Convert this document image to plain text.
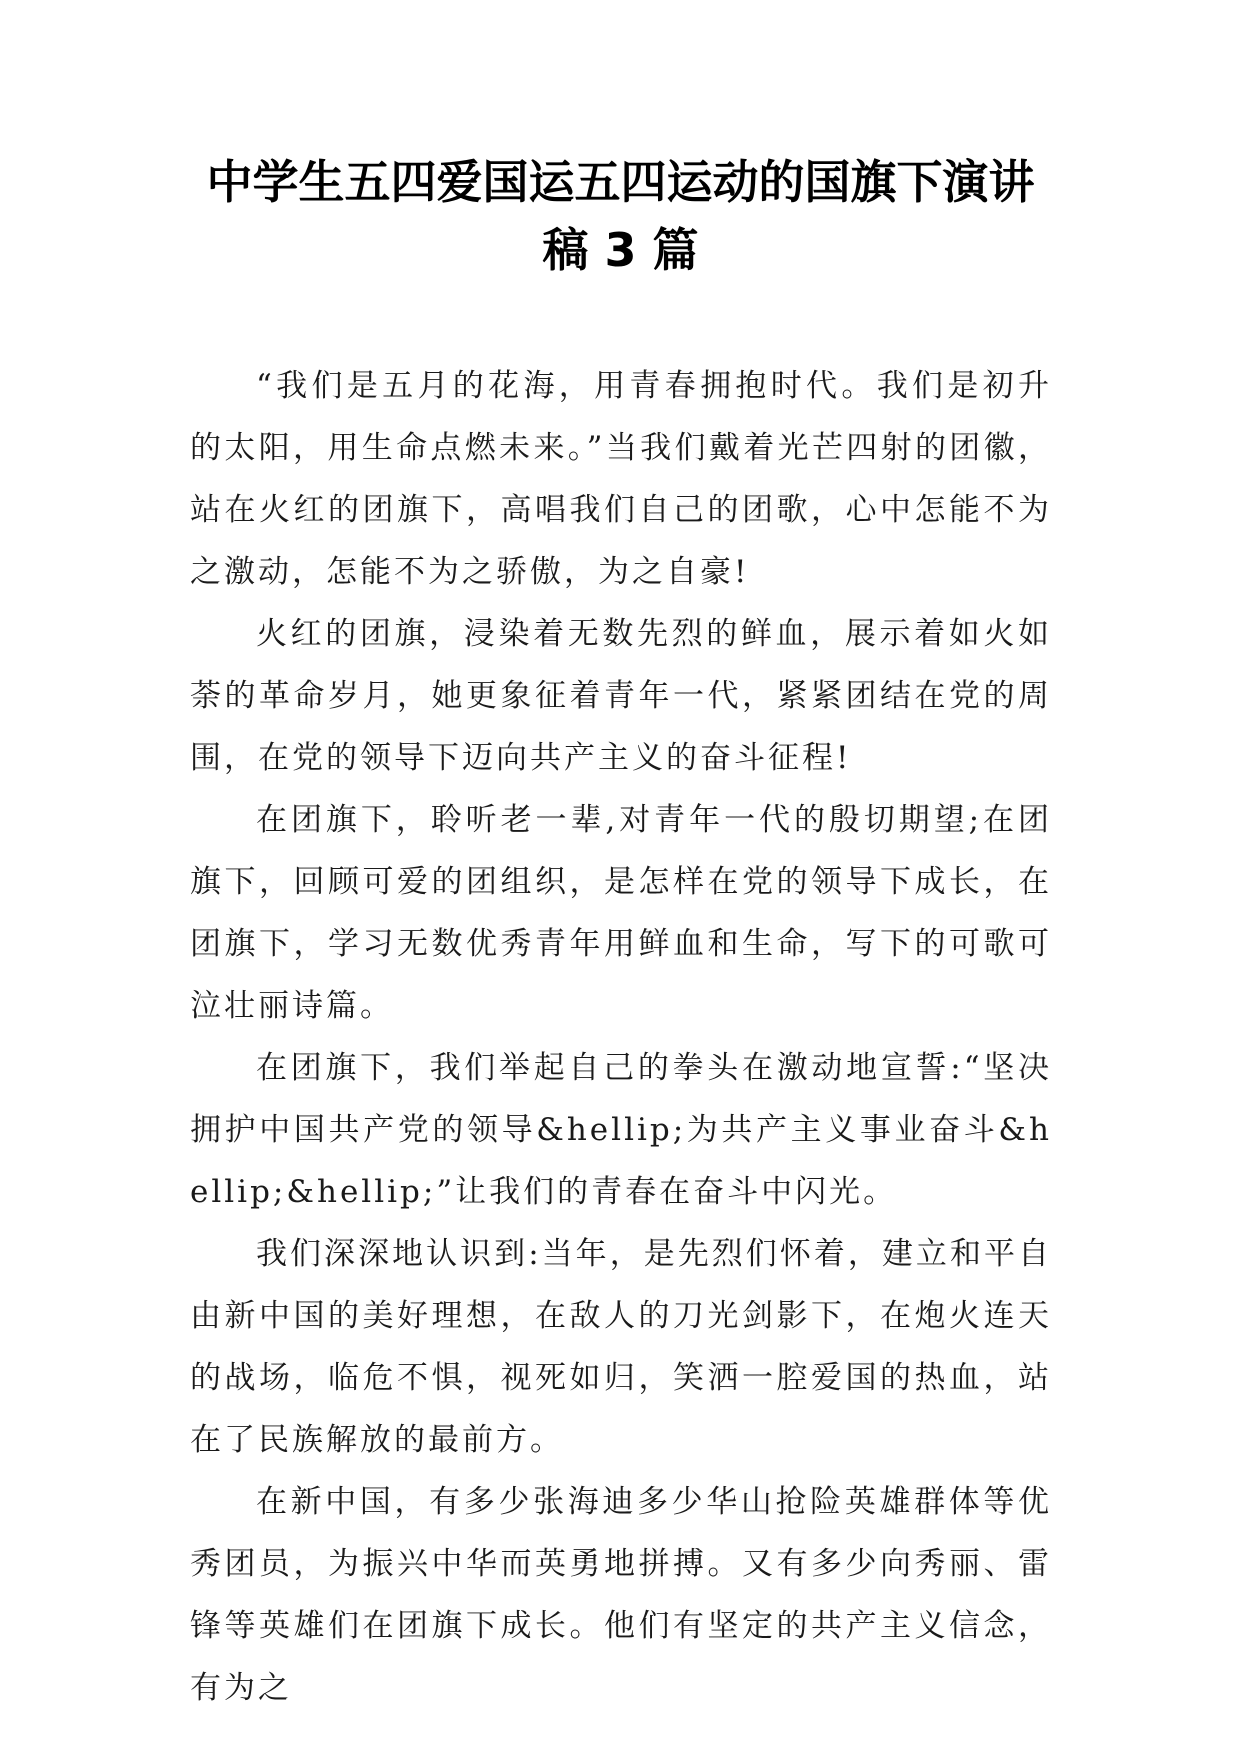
中学生五四爱国运五四运动的国旗下演讲
稿 3 篇

“我们是五月的花海，用青春拥抱时代。我们是初升的太阳，用生命点燃未来。”当我们戴着光芒四射的团徽，站在火红的团旗下，高唱我们自己的团歌，心中怎能不为之激动，怎能不为之骄傲，为之自豪!

火红的团旗，浸染着无数先烈的鲜血，展示着如火如荼的革命岁月，她更象征着青年一代，紧紧团结在党的周围，在党的领导下迈向共产主义的奋斗征程!

在团旗下，聆听老一辈,对青年一代的殷切期望;在团旗下，回顾可爱的团组织，是怎样在党的领导下成长，在团旗下，学习无数优秀青年用鲜血和生命，写下的可歌可泣壮丽诗篇。

在团旗下，我们举起自己的拳头在激动地宣誓:“坚决拥护中国共产党的领导&hellip;为共产主义事业奋斗&hellip;&hellip;”让我们的青春在奋斗中闪光。

我们深深地认识到:当年，是先烈们怀着，建立和平自由新中国的美好理想，在敌人的刀光剑影下，在炮火连天的战场，临危不惧，视死如归，笑洒一腔爱国的热血，站在了民族解放的最前方。

在新中国，有多少张海迪多少华山抢险英雄群体等优秀团员，为振兴中华而英勇地拼搏。又有多少向秀丽、雷锋等英雄们在团旗下成长。他们有坚定的共产主义信念，有为之
